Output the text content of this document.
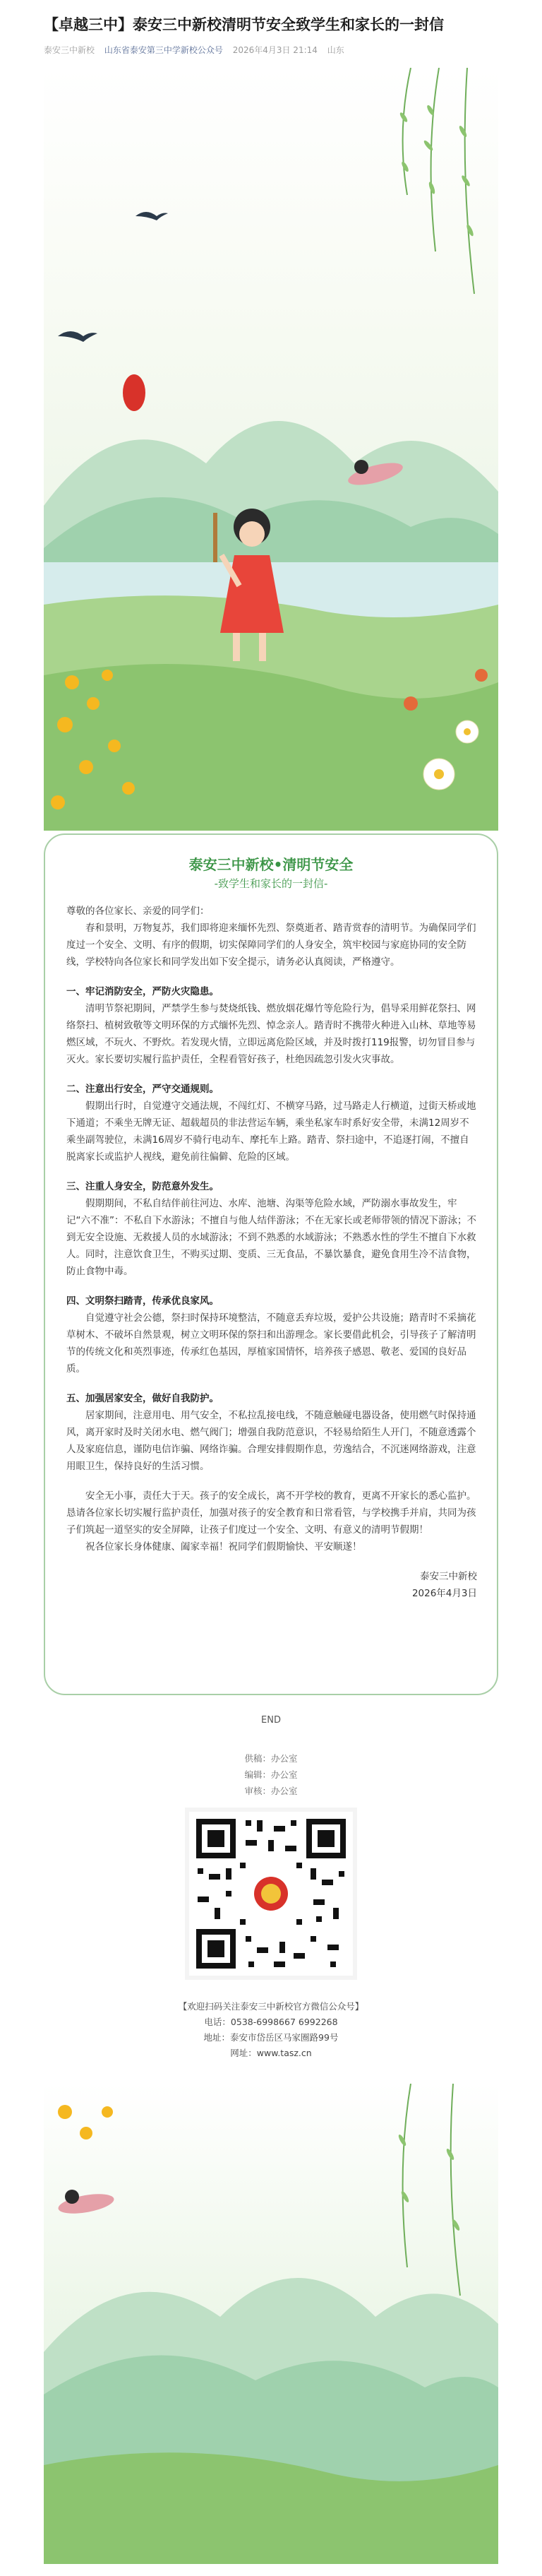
【卓越三中】泰安三中新校清明节安全致学生和家长的一封信
泰安三中新校 山东省泰安第三中学新校公众号 2026年4月3日 21:14 山东
泰安三中新校•清明节安全
-致学生和家长的一封信-

尊敬的各位家长、亲爱的同学们：

春和景明，万物复苏，我们即将迎来缅怀先烈、祭奠逝者、踏青赏春的清明节。为确保同学们度过一个安全、文明、有序的假期，切实保障同学们的人身安全，筑牢校园与家庭协同的安全防线，学校特向各位家长和同学发出如下安全提示，请务必认真阅读，严格遵守。

一、牢记消防安全，严防火灾隐患。

清明节祭祀期间，严禁学生参与焚烧纸钱、燃放烟花爆竹等危险行为，倡导采用鲜花祭扫、网络祭扫、植树致敬等文明环保的方式缅怀先烈、悼念亲人。踏青时不携带火种进入山林、草地等易燃区域，不玩火、不野炊。若发现火情，立即远离危险区域，并及时拨打119报警，切勿冒目参与灭火。家长要切实履行监护责任，全程看管好孩子，杜绝因疏忽引发火灾事故。

二、注意出行安全，严守交通规则。

假期出行时，自觉遵守交通法规，不闯红灯、不横穿马路，过马路走人行横道，过街天桥或地下通道；不乘坐无牌无证、超载超员的非法营运车辆，乘坐私家车时系好安全带，未满12周岁不乘坐副驾驶位，未满16周岁不骑行电动车、摩托车上路。踏青、祭扫途中，不追逐打闹，不擅自脱离家长或监护人视线，避免前往偏僻、危险的区域。

三、注重人身安全，防范意外发生。

假期期间，不私自结伴前往河边、水库、池塘、沟渠等危险水域，严防溺水事故发生，牢记“六不准”：不私自下水游泳；不擅自与他人结伴游泳；不在无家长或老师带领的情况下游泳；不到无安全设施、无救援人员的水域游泳；不到不熟悉的水域游泳；不熟悉水性的学生不擅自下水救人。同时，注意饮食卫生，不购买过期、变质、三无食品，不暴饮暴食，避免食用生冷不洁食物，防止食物中毒。

四、文明祭扫踏青，传承优良家风。

自觉遵守社会公德，祭扫时保持环境整洁，不随意丢弃垃圾，爱护公共设施；踏青时不采摘花草树木、不破坏自然景观，树立文明环保的祭扫和出游理念。家长要借此机会，引导孩子了解清明节的传统文化和英烈事迹，传承红色基因，厚植家国情怀，培养孩子感恩、敬老、爱国的良好品质。

五、加强居家安全，做好自我防护。

居家期间，注意用电、用气安全，不私拉乱接电线，不随意触碰电器设备，使用燃气时保持通风，离开家时及时关闭水电、燃气阀门；增强自我防范意识，不轻易给陌生人开门，不随意透露个人及家庭信息，谨防电信诈骗、网络诈骗。合理安排假期作息，劳逸结合，不沉迷网络游戏，注意用眼卫生，保持良好的生活习惯。

安全无小事，责任大于天。孩子的安全成长，离不开学校的教育，更离不开家长的悉心监护。恳请各位家长切实履行监护责任，加强对孩子的安全教育和日常看管，与学校携手并肩，共同为孩子们筑起一道坚实的安全屏障，让孩子们度过一个安全、文明、有意义的清明节假期！

祝各位家长身体健康、阖家幸福！祝同学们假期愉快、平安顺遂！

泰安三中新校

2026年4月3日

END
供稿：办公室
编辑：办公室
审核：办公室
【欢迎扫码关注泰安三中新校官方微信公众号】
电话：0538-6998667 6992268
地址：泰安市岱岳区马家圈路99号
网址：www.tasz.cn
